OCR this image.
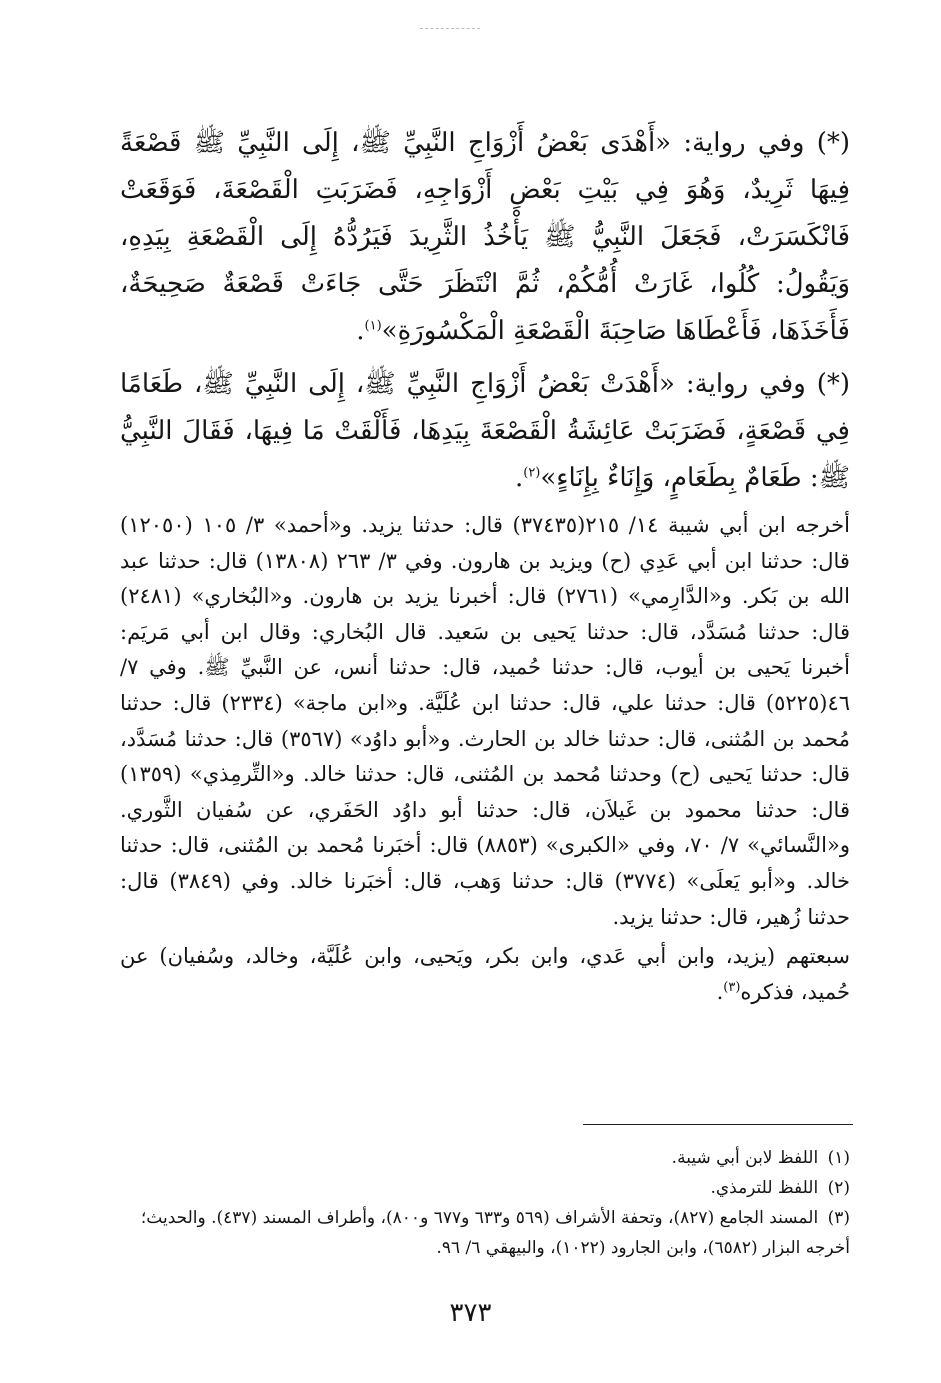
(*) وفي رواية: «أَهْدَى بَعْضُ أَزْوَاجِ النَّبِيِّ ﷺ، إِلَى النَّبِيِّ ﷺ قَصْعَةً فِيهَا ثَرِيدٌ، وَهُوَ فِي بَيْتِ بَعْضِ أَزْوَاجِهِ، فَضَرَبَتِ الْقَصْعَةَ، فَوَقَعَتْ فَانْكَسَرَتْ، فَجَعَلَ النَّبِيُّ ﷺ يَأْخُذُ الثَّرِيدَ فَيَرُدُّهُ إِلَى الْقَصْعَةِ بِيَدِهِ، وَيَقُولُ: كُلُوا، غَارَتْ أُمُّكُمْ، ثُمَّ انْتَظَرَ حَتَّى جَاءَتْ قَصْعَةٌ صَحِيحَةٌ، فَأَخَذَهَا، فَأَعْطَاهَا صَاحِبَةَ الْقَصْعَةِ الْمَكْسُورَةِ»$^{(١)}$.

(*) وفي رواية: «أَهْدَتْ بَعْضُ أَزْوَاجِ النَّبِيِّ ﷺ، إِلَى النَّبِيِّ ﷺ، طَعَامًا فِي قَصْعَةٍ، فَضَرَبَتْ عَائِشَةُ الْقَصْعَةَ بِيَدِهَا، فَأَلْقَتْ مَا فِيهَا، فَقَالَ النَّبِيُّ ﷺ: طَعَامٌ بِطَعَامٍ، وَإِنَاءٌ بِإِنَاءٍ»$^{(٢)}$.

أخرجه ابن أبي شيبة ١٤/ ٢١٥(٣٧٤٣٥) قال: حدثنا يزيد. و«أحمد» ٣/ ١٠٥ (١٢٠٥٠) قال: حدثنا ابن أبي عَدِي (ح) ويزيد بن هارون. وفي ٣/ ٢٦٣ (١٣٨٠٨) قال: حدثنا عبد الله بن بَكر. و«الدَّارِمي» (٢٧٦١) قال: أخبرنا يزيد بن هارون. و«البُخاري» (٢٤٨١) قال: حدثنا مُسَدَّد، قال: حدثنا يَحيى بن سَعيد. قال البُخاري: وقال ابن أبي مَريَم: أخبرنا يَحيى بن أيوب، قال: حدثنا حُميد، قال: حدثنا أنس، عن النَّبيِّ ﷺ. وفي ٧/ ٤٦(٥٢٢٥) قال: حدثنا علي، قال: حدثنا ابن عُلَيَّة. و«ابن ماجة» (٢٣٣٤) قال: حدثنا مُحمد بن المُثنى، قال: حدثنا خالد بن الحارث. و«أبو داوُد» (٣٥٦٧) قال: حدثنا مُسَدَّد، قال: حدثنا يَحيى (ح) وحدثنا مُحمد بن المُثنى، قال: حدثنا خالد. و«التِّرمِذي» (١٣٥٩) قال: حدثنا محمود بن غَيلاَن، قال: حدثنا أبو داوُد الحَفَري، عن سُفيان الثَّوري. و«النَّسائي» ٧/ ٧٠، وفي «الكبرى» (٨٨٥٣) قال: أخبَرنا مُحمد بن المُثنى، قال: حدثنا خالد. و«أبو يَعلَى» (٣٧٧٤) قال: حدثنا وَهب، قال: أخبَرنا خالد. وفي (٣٨٤٩) قال: حدثنا زُهير، قال: حدثنا يزيد.

سبعتهم (يزيد، وابن أبي عَدي، وابن بكر، ويَحيى، وابن عُلَيَّة، وخالد، وسُفيان) عن حُميد، فذكره$^{(٣)}$.

(١) اللفظ لابن أبي شيبة.

(٢) اللفظ للترمذي.

(٣) المسند الجامع (٨٢٧)، وتحفة الأشراف (٥٦٩ و٦٣٣ و٦٧٧ و٨٠٠)، وأطراف المسند (٤٣٧). والحديث؛ أخرجه البزار (٦٥٨٢)، وابن الجارود (١٠٢٢)، والبيهقي ٦/ ٩٦.

٣٧٣
